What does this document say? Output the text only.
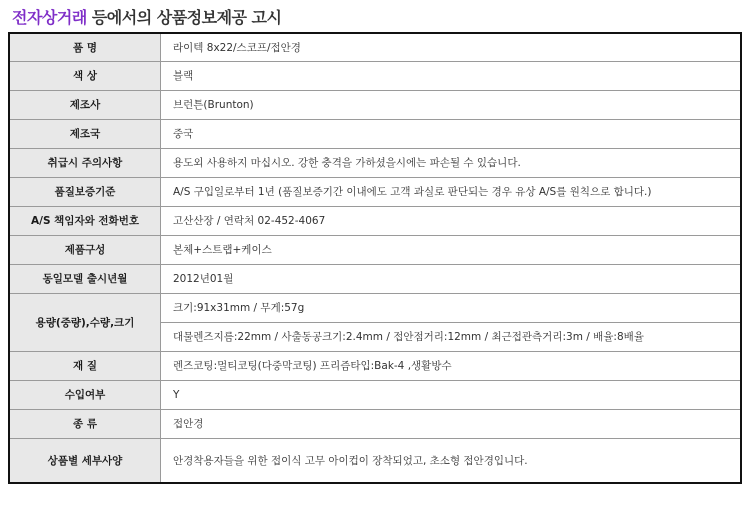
전자상거래 등에서의 상품정보제공 고시
품 명	라이텍 8x22/스코프/접안경
색 상	블랙
제조사	브런튼(Brunton)
제조국	중국
취급시 주의사항	용도외 사용하지 마십시오. 강한 충격을 가하셨을시에는 파손될 수 있습니다.
품질보증기준	A/S 구입일로부터 1년 (품질보증기간 이내에도 고객 과실로 판단되는 경우 유상 A/S를 원칙으로 합니다.)
A/S 책임자와 전화번호	고산산장 / 연락처 02-452-4067
제품구성	본체+스트랩+케이스
동일모델 출시년월	2012년01월
용량(중량),수량,크기	크기:91x31mm / 무게:57g
	대물렌즈지름:22mm / 사출동공크기:2.4mm / 접안점거리:12mm / 최근접관측거리:3m / 배율:8배율
재 질	렌즈코팅:멀티코팅(다중막코팅) 프리즘타입:Bak-4 ,생활방수
수입여부	Y
종 류	접안경
상품별 세부사양	안경착용자들을 위한 접이식 고무 아이컵이 장착되었고, 초소형 접안경입니다.
